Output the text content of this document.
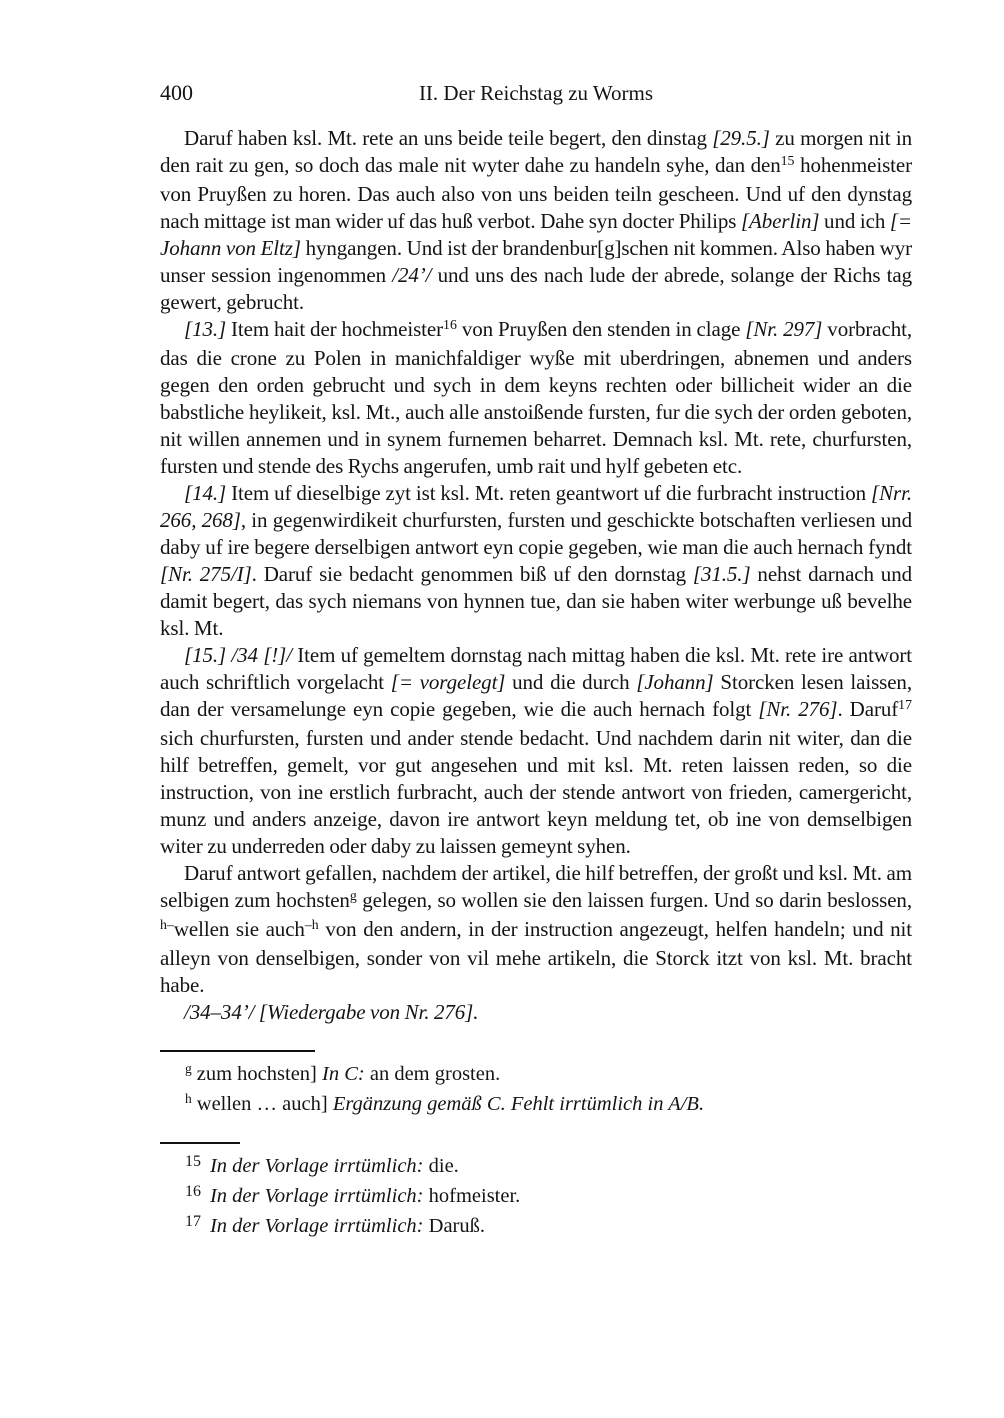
400	II. Der Reichstag zu Worms

Daruf haben ksl. Mt. rete an uns beide teile begert, den dinstag [29.5.] zu morgen nit in den rait zu gen, so doch das male nit wyter dahe zu handeln syhe, dan den$^{15}$ hohenmeister von Pruyßen zu horen. Das auch also von uns beiden teiln gescheen. Und uf den dynstag nach mittage ist man wider uf das huß verbot. Dahe syn docter Philips [Aberlin] und ich [= Johann von Eltz] hyngangen. Und ist der brandenbur[g]schen nit kommen. Also haben wyr unser session ingenommen /24’/ und uns des nach lude der abrede, solange der Richs tag gewert, gebrucht.

[13.] Item hait der hochmeister$^{16}$ von Pruyßen den stenden in clage [Nr. 297] vorbracht, das die crone zu Polen in manichfaldiger wyße mit uberdringen, abnemen und anders gegen den orden gebrucht und sych in dem keyns rechten oder billicheit wider an die babstliche heylikeit, ksl. Mt., auch alle anstoißende fursten, fur die sych der orden geboten, nit willen annemen und in synem furnemen beharret. Demnach ksl. Mt. rete, churfursten, fursten und stende des Rychs angerufen, umb rait und hylf gebeten etc.

[14.] Item uf dieselbige zyt ist ksl. Mt. reten geantwort uf die furbracht instruction [Nrr. 266, 268], in gegenwirdikeit churfursten, fursten und geschickte botschaften verliesen und daby uf ire begere derselbigen antwort eyn copie gegeben, wie man die auch hernach fyndt [Nr. 275/I]. Daruf sie bedacht genommen biß uf den dornstag [31.5.] nehst darnach und damit begert, das sych niemans von hynnen tue, dan sie haben witer werbunge uß bevelhe ksl. Mt.

[15.] /34 [!]/ Item uf gemeltem dornstag nach mittag haben die ksl. Mt. rete ire antwort auch schriftlich vorgelacht [= vorgelegt] und die durch [Johann] Storcken lesen laissen, dan der versamelunge eyn copie gegeben, wie die auch hernach folgt [Nr. 276]. Daruf$^{17}$ sich churfursten, fursten und ander stende bedacht. Und nachdem darin nit witer, dan die hilf betreffen, gemelt, vor gut angesehen und mit ksl. Mt. reten laissen reden, so die instruction, von ine erstlich furbracht, auch der stende antwort von frieden, camergericht, munz und anders anzeige, davon ire antwort keyn meldung tet, ob ine von demselbigen witer zu underreden oder daby zu laissen gemeynt syhen.

Daruf antwort gefallen, nachdem der artikel, die hilf betreffen, der großt und ksl. Mt. am selbigen zum hochsten$^g$ gelegen, so wollen sie den laissen furgen. Und so darin beslossen, $^{h-}$wellen sie auch$^{-h}$ von den andern, in der instruction angezeugt, helfen handeln; und nit alleyn von denselbigen, sonder von vil mehe artikeln, die Storck itzt von ksl. Mt. bracht habe.

/34–34’/ [Wiedergabe von Nr. 276].

g zum hochsten] In C: an dem grosten.

h wellen … auch] Ergänzung gemäß C. Fehlt irrtümlich in A/B.

15 In der Vorlage irrtümlich: die.

16 In der Vorlage irrtümlich: hofmeister.

17 In der Vorlage irrtümlich: Daruß.
